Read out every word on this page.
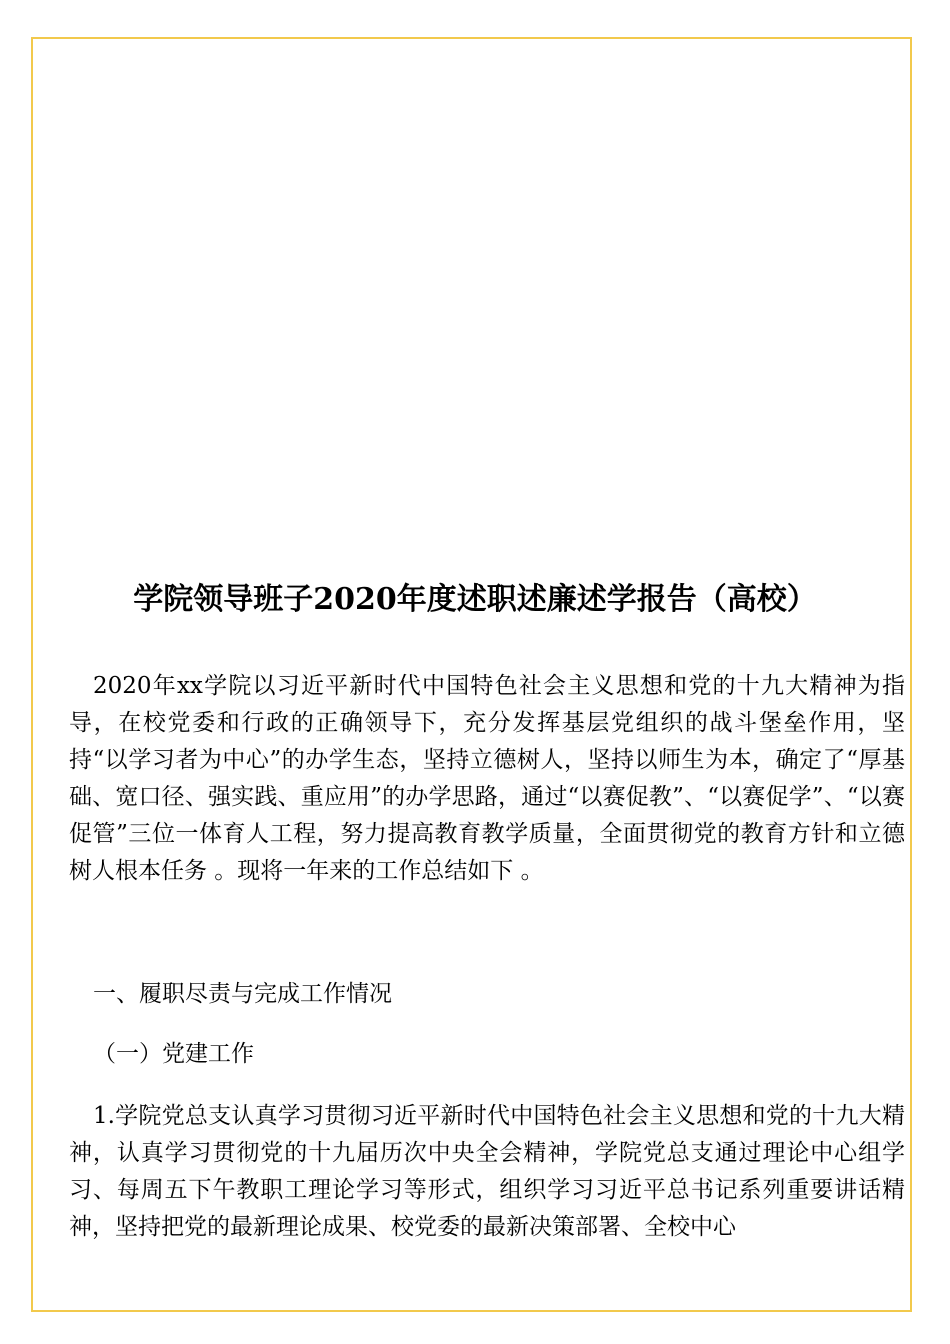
学院领导班子2020年度述职述廉述学报告（高校）
2020年xx学院以习近平新时代中国特色社会主义思想和党的十九大精神为指导，在校党委和行政的正确领导下，充分发挥基层党组织的战斗堡垒作用，坚持“以学习者为中心”的办学生态，坚持立德树人，坚持以师生为本，确定了“厚基础、宽口径、强实践、重应用”的办学思路，通过“以赛促教”、“以赛促学”、“以赛促管”三位一体育人工程，努力提高教育教学质量，全面贯彻党的教育方针和立德树人根本任务 。现将一年来的工作总结如下 。
一、履职尽责与完成工作情况
（一）党建工作
1.学院党总支认真学习贯彻习近平新时代中国特色社会主义思想和党的十九大精神，认真学习贯彻党的十九届历次中央全会精神，学院党总支通过理论中心组学习、每周五下午教职工理论学习等形式，组织学习习近平总书记系列重要讲话精神，坚持把党的最新理论成果、校党委的最新决策部署、全校中心
